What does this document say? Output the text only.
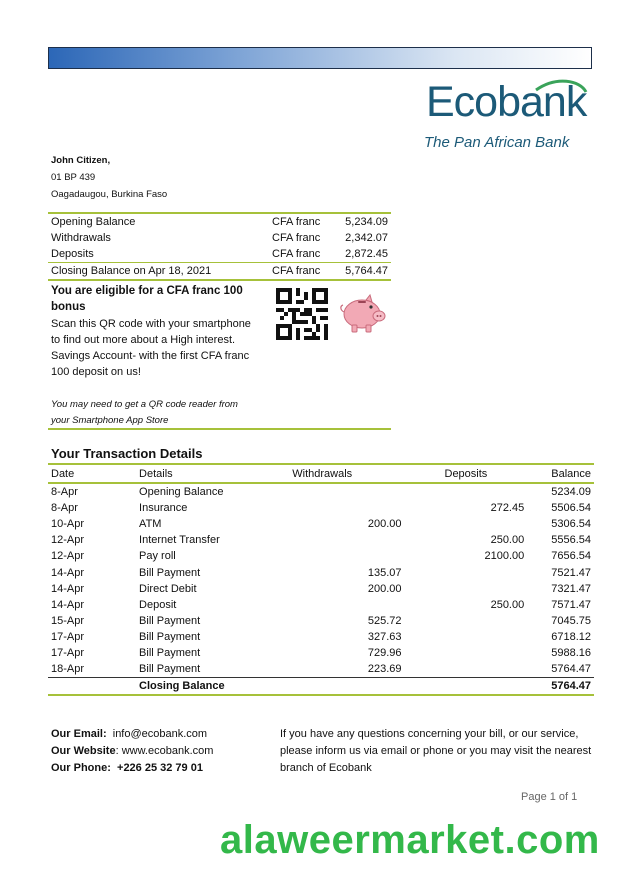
Ecobank
The Pan African Bank
John Citizen,
01 BP 439
Oagadaugou, Burkina Faso
Opening Balance	CFA franc	5,234.09
Withdrawals	CFA franc	2,342.07
Deposits	CFA franc	2,872.45
Closing Balance on Apr 18, 2021	CFA franc	5,764.47
You are eligible for a CFA franc 100 bonus
Scan this QR code with your smartphone to find out more about a High interest. Savings Account- with the first CFA franc 100 deposit on us!
You may need to get a QR code reader from your Smartphone App Store
Your Transaction Details
Date	Details	Withdrawals	Deposits	Balance

8-Apr	Opening Balance			5234.09
8-Apr	Insurance		272.45	5506.54
10-Apr	ATM	200.00		5306.54
12-Apr	Internet Transfer		250.00	5556.54
12-Apr	Pay roll		2100.00	7656.54
14-Apr	Bill Payment	135.07		7521.47
14-Apr	Direct Debit	200.00		7321.47
14-Apr	Deposit		250.00	7571.47
15-Apr	Bill Payment	525.72		7045.75
17-Apr	Bill Payment	327.63		6718.12
17-Apr	Bill Payment	729.96		5988.16
18-Apr	Bill Payment	223.69		5764.47

	Closing Balance			5764.47
Our Email: info@ecobank.com
Our Website: www.ecobank.com
Our Phone: +226 25 32 79 01
If you have any questions concerning your bill, or our service, please inform us via email or phone or you may visit the nearest branch of Ecobank
Page 1 of 1
alaweermarket.com
